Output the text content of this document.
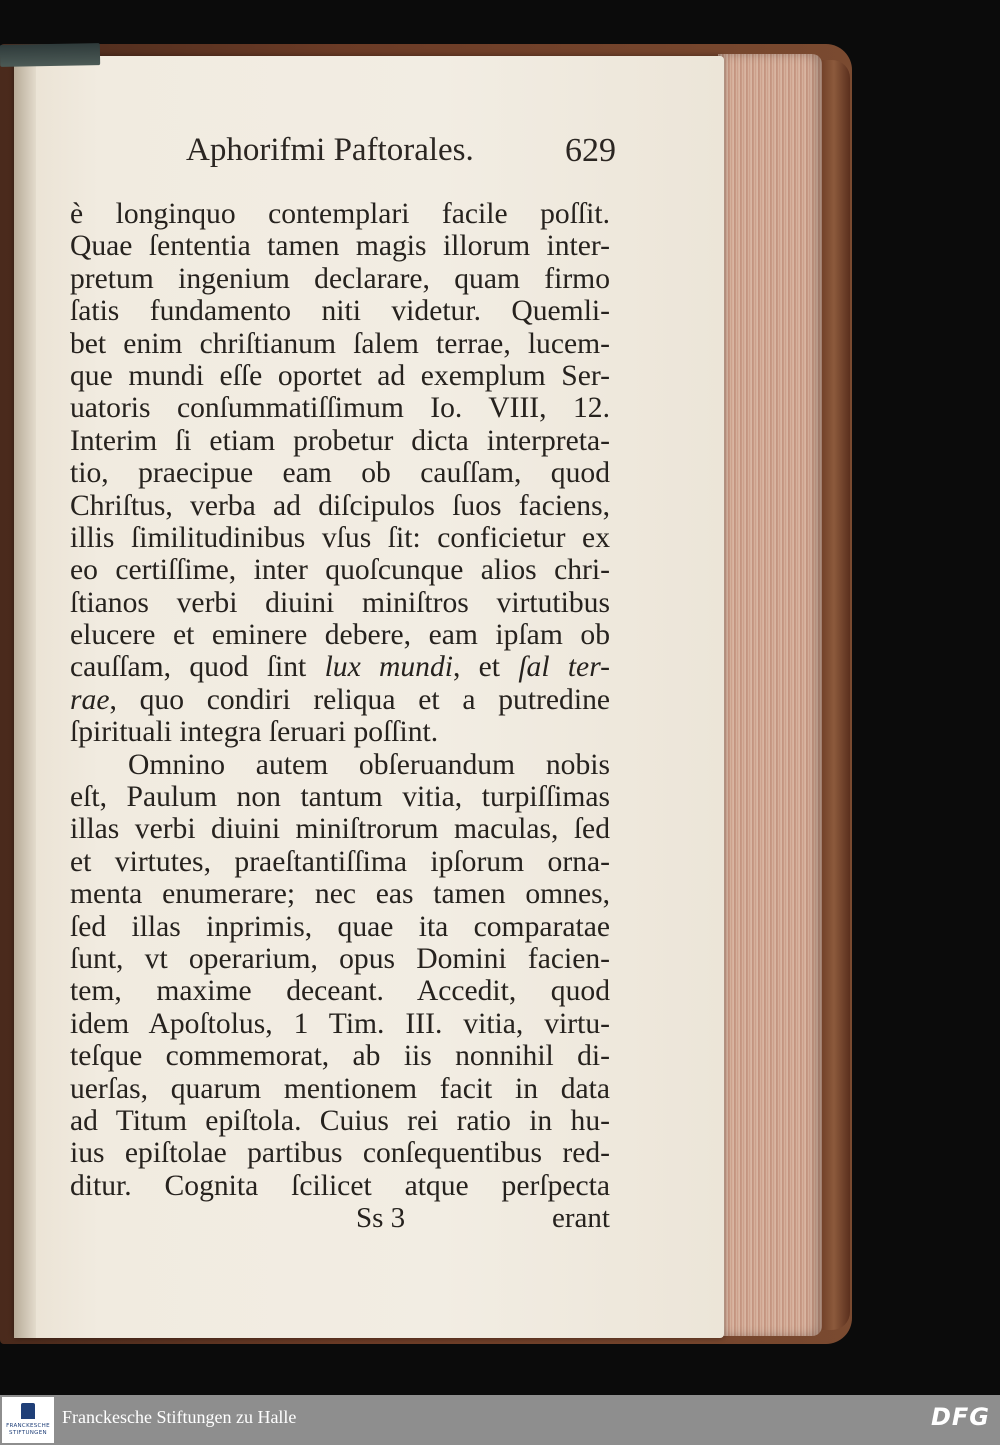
Aphorifmi Paftorales.	629
è longinquo contemplari facile poſſit.
Quae ſententia tamen magis illorum inter-
pretum ingenium declarare, quam firmo
ſatis fundamento niti videtur. Quemli-
bet enim chriſtianum ſalem terrae, lucem-
que mundi eſſe oportet ad exemplum Ser-
uatoris conſummatiſſimum Io. VIII, 12.
Interim ſi etiam probetur dicta interpreta-
tio, praecipue eam ob cauſſam, quod
Chriſtus, verba ad diſcipulos ſuos faciens,
illis ſimilitudinibus vſus ſit: conficietur ex
eo certiſſime, inter quoſcunque alios chri-
ſtianos verbi diuini miniſtros virtutibus
elucere et eminere debere, eam ipſam ob
cauſſam, quod ſint lux mundi, et ſal ter-
rae, quo condiri reliqua et a putredine
ſpirituali integra ſeruari poſſint.
Omnino autem obſeruandum nobis
eſt, Paulum non tantum vitia, turpiſſimas
illas verbi diuini miniſtrorum maculas, ſed
et virtutes, praeſtantiſſima ipſorum orna-
menta enumerare; nec eas tamen omnes,
ſed illas inprimis, quae ita comparatae
ſunt, vt operarium, opus Domini facien-
tem, maxime deceant. Accedit, quod
idem Apoſtolus, 1 Tim. III. vitia, virtu-
teſque commemorat, ab iis nonnihil di-
uerſas, quarum mentionem facit in data
ad Titum epiſtola. Cuius rei ratio in hu-
ius epiſtolae partibus conſequentibus red-
ditur. Cognita ſcilicet atque perſpecta
Ss 3	erant
FRANCKESCHE
STIFTUNGEN
Franckesche Stiftungen zu Halle	DFG
